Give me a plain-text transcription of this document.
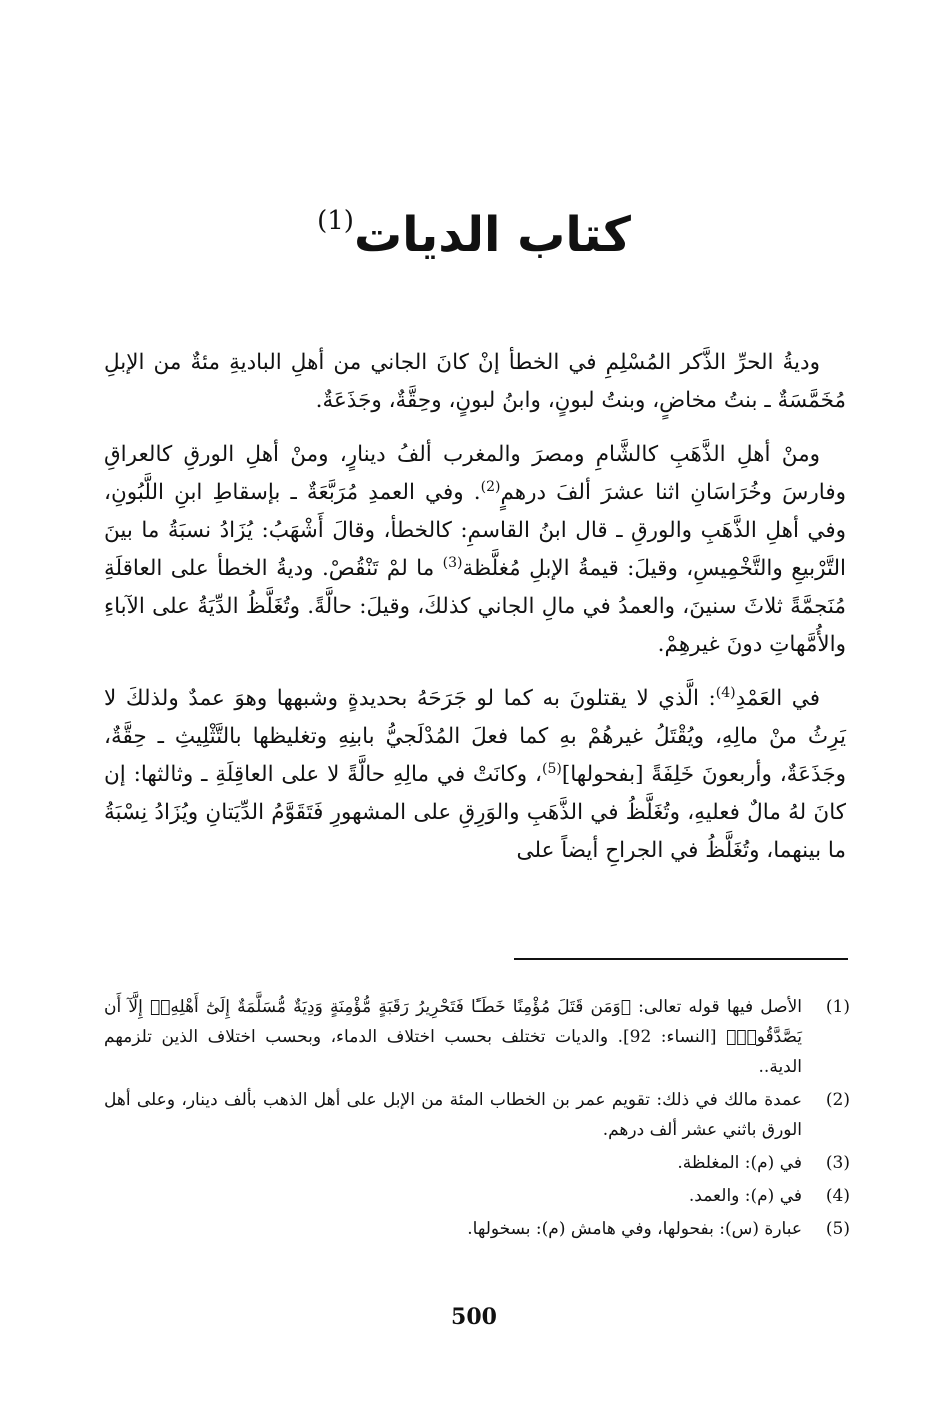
كتاب الديات$^{(1)}$

وديةُ الحرِّ الذَّكر المُسْلِمِ في الخطأ إنْ كانَ الجاني من أهلِ الباديةِ مئةٌ من الإبلِ مُخَمَّسَةٌ ـ بنتُ مخاضٍ، وبنتُ لبونٍ، وابنُ لبونٍ، وحِقَّةٌ، وجَذَعَةٌ.

ومنْ أهلِ الذَّهَبِ كالشَّامِ ومصرَ والمغرب ألفُ دينارٍ، ومنْ أهلِ الورقِ كالعراقِ وفارسَ وخُرَاسَانِ اثنا عشرَ ألفَ درهمٍ$^{(2)}$. وفي العمدِ مُرَبَّعَةٌ ـ بإسقاطِ ابنِ اللَّبُونِ، وفي أهلِ الذَّهَبِ والورقِ ـ قال ابنُ القاسمِ: كالخطأ، وقالَ أَشْهَبُ: يُزَادُ نسبَةُ ما بينَ التَّرْبيعِ والتَّخْمِيسِ، وقيلَ: قيمةُ الإبلِ مُغلَّظة$^{(3)}$ ما لمْ تَنْقُصْ. وديةُ الخطأ على العاقلَةِ مُنَجمَّةً ثلاثَ سنينَ، والعمدُ في مالِ الجاني كذلكَ، وقيلَ: حالَّةً. وتُغَلَّظُ الدِّيَةُ على الآباءِ والأُمَّهاتِ دونَ غيرهِمْ.

في العَمْدِ$^{(4)}$: الَّذي لا يقتلونَ به كما لو جَرَحَهُ بحديدةٍ وشبهها وهوَ عمدٌ ولذلكَ لا يَرِثُ منْ مالِهِ، ويُقْتَلُ غيرهُمْ بهِ كما فعلَ المُدْلَجيُّ بابنِهِ وتغليظها بالتَّثْلِيثِ ـ حِقَّةٌ، وجَذَعَةٌ، وأربعونَ خَلِفَةً [بفحولها]$^{(5)}$، وكانَتْ في مالِهِ حالَّةً لا على العاقِلَةِ ـ وثالثها: إن كانَ لهُ مالٌ فعليهِ، وتُغَلَّظُ في الذَّهَبِ والوَرِقِ على المشهورِ فَتَقَوَّمُ الدِّيَتانِ ويُزَادُ نِسْبَةُ ما بينهما، وتُغَلَّظُ في الجراحِ أيضاً على

(1)
الأصل فيها قوله تعالى: ﴿وَمَن قَتَلَ مُؤْمِنًا خَطَـًٔا فَتَحْرِيرُ رَقَبَةٍ مُّؤْمِنَةٍ وَدِيَةٌ مُّسَلَّمَةٌ إِلَىٰٓ أَهْلِهِۦٓ إِلَّآ أَن يَصَّدَّقُوا۟﴾ [النساء: 92]. والديات تختلف بحسب اختلاف الدماء، وبحسب اختلاف الذين تلزمهم الدية..
(2)
عمدة مالك في ذلك: تقويم عمر بن الخطاب المئة من الإبل على أهل الذهب بألف دينار، وعلى أهل الورق باثني عشر ألف درهم.
(3)
في (م): المغلظة.
(4)
في (م): والعمد.
(5)
عبارة (س): بفحولها، وفي هامش (م): بسخولها.
500
